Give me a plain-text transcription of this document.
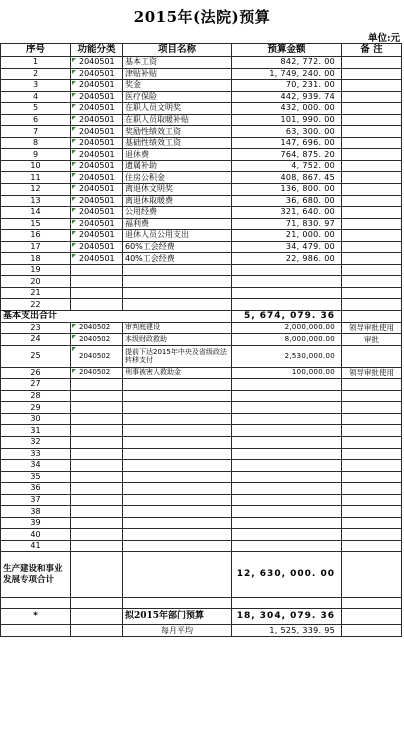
2015年(法院)预算
单位:元
序号	功能分类	项目名称	预算金额	备 注
1	2040501	基本工资	842, 772. 00	
2	2040501	津贴补贴	1, 749, 240. 00	
3	2040501	奖金	70, 231. 00	
4	2040501	医疗保险	442, 939. 74	
5	2040501	在职人员文明奖	432, 000. 00	
6	2040501	在职人员取暖补贴	101, 990. 00	
7	2040501	奖励性绩效工资	63, 300. 00	
8	2040501	基础性绩效工资	147, 696. 00	
9	2040501	退休费	764, 875. 20	
10	2040501	遗属补助	4, 752. 00	
11	2040501	住房公积金	408, 867. 45	
12	2040501	离退休文明奖	136, 800. 00	
13	2040501	离退休取暖费	36, 680. 00	
14	2040501	公用经费	321, 640. 00	
15	2040501	福利费	71, 830. 97	
16	2040501	退休人员公用支出	21, 000. 00	
17	2040501	60%工会经费	34, 479. 00	
18	2040501	40%工会经费	22, 986. 00	
19				
20				
21				
22				
基本支出合计			5, 674, 079. 36	
23	2040502	审判庭建设	2,000,000.00	领导审批使用
24	2040502	本级财政救助	8,000,000.00	审批
25	2040502	提前下达2015年中央及省级政法转移支付	2,530,000.00	
26	2040502	刑事被害人救助金	100,000.00	领导审批使用
27				
28				
29				
30				
31				
32				
33				
34				
35				
36				
37				
38				
39				
40				
41				
生产建设和事业发展专项合计			12, 630, 000. 00	

*		拟2015年部门预算	18, 304, 079. 36	
		每月平均	1, 525, 339. 95	
